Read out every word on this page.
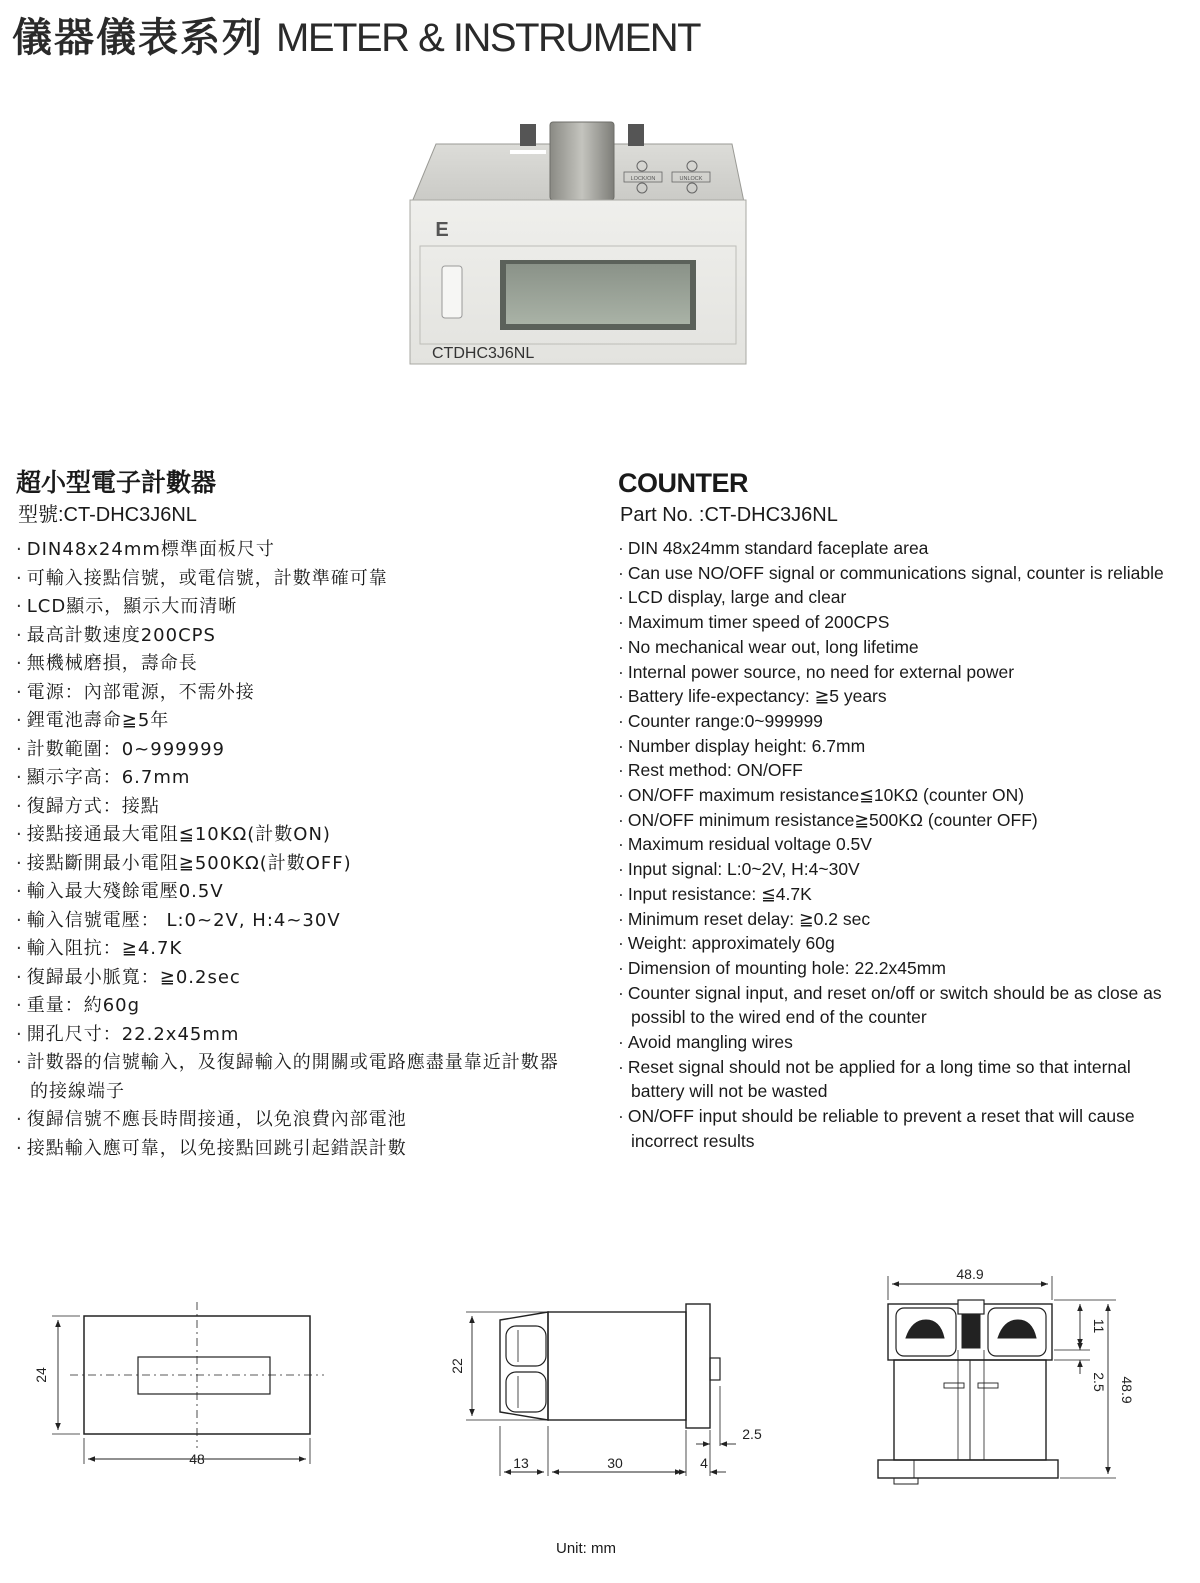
儀器儀表系列 METER & INSTRUMENT
LOCK/ON	UNLOCK
E
CTDHC3J6NL
超小型電子計數器

型號:CT-DHC3J6NL

· DIN48x24mm標準面板尺寸
· 可輸入接點信號，或電信號，計數準確可靠
· LCD顯示，顯示大而清晰
· 最高計數速度200CPS
· 無機械磨損，壽命長
· 電源：內部電源，不需外接
· 鋰電池壽命≧5年
· 計數範圍：0~999999
· 顯示字高：6.7mm
· 復歸方式：接點
· 接點接通最大電阻≦10KΩ(計數ON)
· 接點斷開最小電阻≧500KΩ(計數OFF)
· 輸入最大殘餘電壓0.5V
· 輸入信號電壓： L:0~2V, H:4~30V
· 輸入阻抗：≧4.7K
· 復歸最小脈寬：≧0.2sec
· 重量：約60g
· 開孔尺寸：22.2x45mm
· 計數器的信號輸入，及復歸輸入的開關或電路應盡量靠近計數器的接線端子
· 復歸信號不應長時間接通，以免浪費內部電池
· 接點輸入應可靠，以免接點回跳引起錯誤計數
COUNTER

Part No. :CT-DHC3J6NL

· DIN 48x24mm standard faceplate area
· Can use NO/OFF signal or communications signal, counter is reliable
· LCD display, large and clear
· Maximum timer speed of 200CPS
· No mechanical wear out, long lifetime
· Internal power source, no need for external power
· Battery life-expectancy: ≧5 years
· Counter range:0~999999
· Number display height: 6.7mm
· Rest method: ON/OFF
· ON/OFF maximum resistance≦10KΩ (counter ON)
· ON/OFF minimum resistance≧500KΩ (counter OFF)
· Maximum residual voltage 0.5V
· Input signal: L:0~2V, H:4~30V
· Input resistance: ≦4.7K
· Minimum reset delay: ≧0.2 sec
· Weight: approximately 60g
· Dimension of mounting hole: 22.2x45mm
· Counter signal input, and reset on/off or switch should be as close as possibl to the wired end of the counter
· Avoid mangling wires
· Reset signal should not be applied for a long time so that internal battery will not be wasted
· ON/OFF input should be reliable to prevent a reset that will cause incorrect results
24
48
22
13	30	4
2.5
48.9
11
2.5 48.9
Unit: mm
